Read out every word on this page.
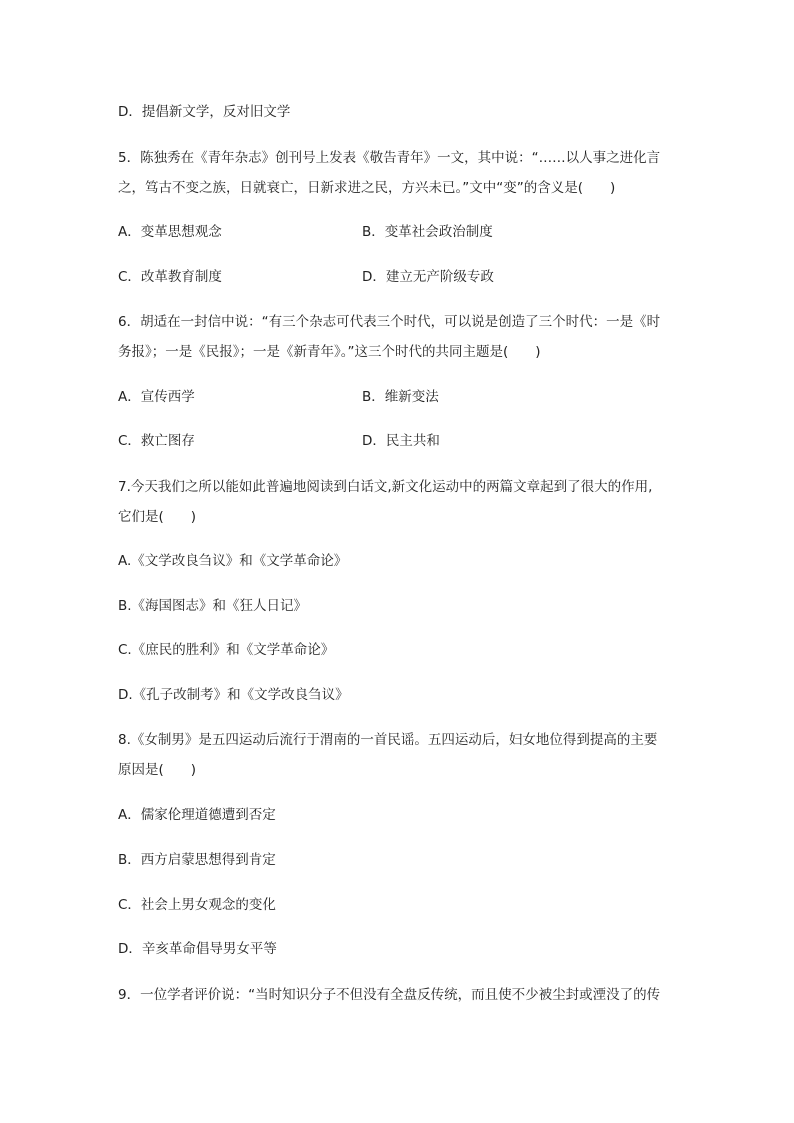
D．提倡新文学，反对旧文学
5．陈独秀在《青年杂志》创刊号上发表《敬告青年》一文，其中说：“……以人事之进化言
之，笃古不变之族，日就衰亡，日新求进之民，方兴未已。”文中“变”的含义是(　　)
A．变革思想观念	B．变革社会政治制度
C．改革教育制度	D．建立无产阶级专政
6．胡适在一封信中说：“有三个杂志可代表三个时代，可以说是创造了三个时代：一是《时
务报》；一是《民报》；一是《新青年》。”这三个时代的共同主题是(　　)
A．宣传西学	B．维新变法
C．救亡图存	D．民主共和
7.今天我们之所以能如此普遍地阅读到白话文,新文化运动中的两篇文章起到了很大的作用,
它们是(　　)
A.《文学改良刍议》和《文学革命论》
B.《海国图志》和《狂人日记》
C.《庶民的胜利》和《文学革命论》
D.《孔子改制考》和《文学改良刍议》
8.《女制男》是五四运动后流行于渭南的一首民谣。五四运动后，妇女地位得到提高的主要
原因是(　　)
A．儒家伦理道德遭到否定
B．西方启蒙思想得到肯定
C．社会上男女观念的变化
D．辛亥革命倡导男女平等
9．一位学者评价说：“当时知识分子不但没有全盘反传统，而且使不少被尘封或湮没了的传
